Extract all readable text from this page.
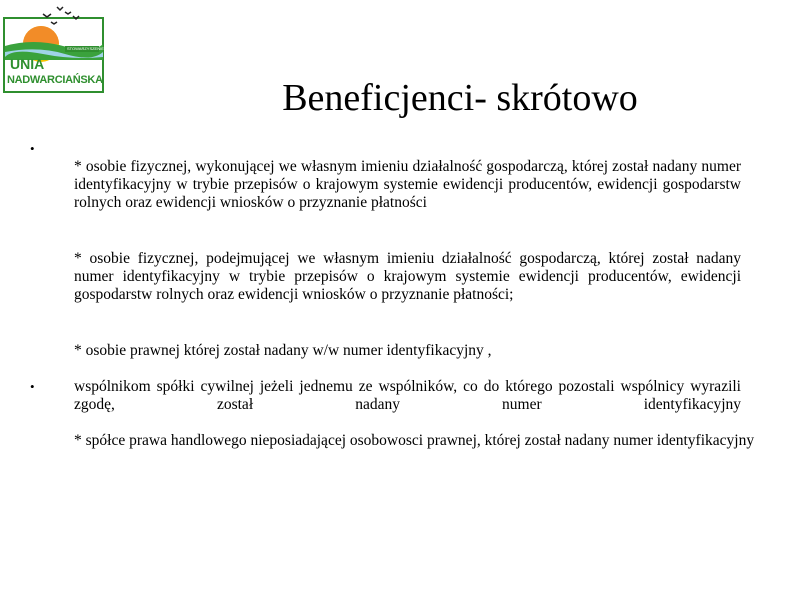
STOWARZYSZENIE
UNIA
NADWARCIAŃSKA	Beneficjenci- skrótowo
•

* osobie fizycznej, wykonującej we własnym imieniu działalność gospodarczą, której został nadany numer identyfikacyjny w trybie przepisów o krajowym systemie ewidencji producentów, ewidencji gospodarstw rolnych oraz ewidencji wniosków o przyznanie płatności

* osobie fizycznej, podejmującej we własnym imieniu działalność gospodarczą, której został nadany numer identyfikacyjny w trybie przepisów o krajowym systemie ewidencji producentów, ewidencji gospodarstw rolnych oraz ewidencji wniosków o przyznanie płatności;

* osobie prawnej której został nadany w/w numer identyfikacyjny ,

•	wspólnikom spółki cywilnej jeżeli jednemu ze wspólników, co do którego pozostali wspólnicy wyrazili zgodę, został nadany numer identyfikacyjny

* spółce prawa handlowego nieposiadającej osobowosci prawnej, której został nadany numer identyfikacyjny
